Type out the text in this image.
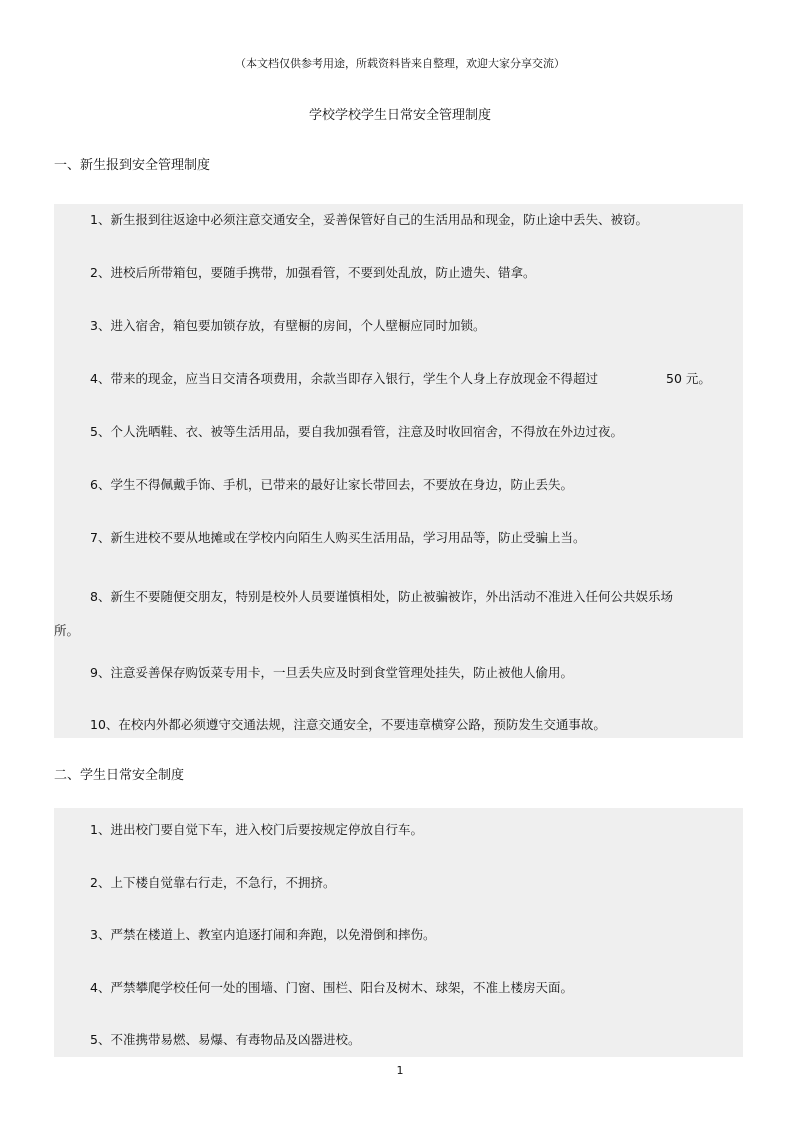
（本文档仅供参考用途，所载资料皆来自整理，欢迎大家分享交流）
学校学校学生日常安全管理制度
一、新生报到安全管理制度
1、新生报到往返途中必须注意交通安全，妥善保管好自己的生活用品和现金，防止途中丢失、被窃。
2、进校后所带箱包，要随手携带，加强看管，不要到处乱放，防止遗失、错拿。
3、进入宿舍，箱包要加锁存放，有壁橱的房间，个人壁橱应同时加锁。
4、带来的现金，应当日交清各项费用，余款当即存入银行，学生个人身上存放现金不得超过	50 元。
5、个人洗晒鞋、衣、被等生活用品，要自我加强看管，注意及时收回宿舍，不得放在外边过夜。
6、学生不得佩戴手饰、手机，已带来的最好让家长带回去，不要放在身边，防止丢失。
7、新生进校不要从地摊或在学校内向陌生人购买生活用品，学习用品等，防止受骗上当。
8、新生不要随便交朋友，特别是校外人员要谨慎相处，防止被骗被诈，外出活动不准进入任何公共娱乐场所。
9、注意妥善保存购饭菜专用卡，一旦丢失应及时到食堂管理处挂失，防止被他人偷用。
10、在校内外都必须遵守交通法规，注意交通安全，不要违章横穿公路，预防发生交通事故。
二、学生日常安全制度
1、进出校门要自觉下车，进入校门后要按规定停放自行车。
2、上下楼自觉靠右行走，不急行，不拥挤。
3、严禁在楼道上、教室内追逐打闹和奔跑，以免滑倒和摔伤。
4、严禁攀爬学校任何一处的围墙、门窗、围栏、阳台及树木、球架，不准上楼房天面。
5、不准携带易燃、易爆、有毒物品及凶器进校。
1
